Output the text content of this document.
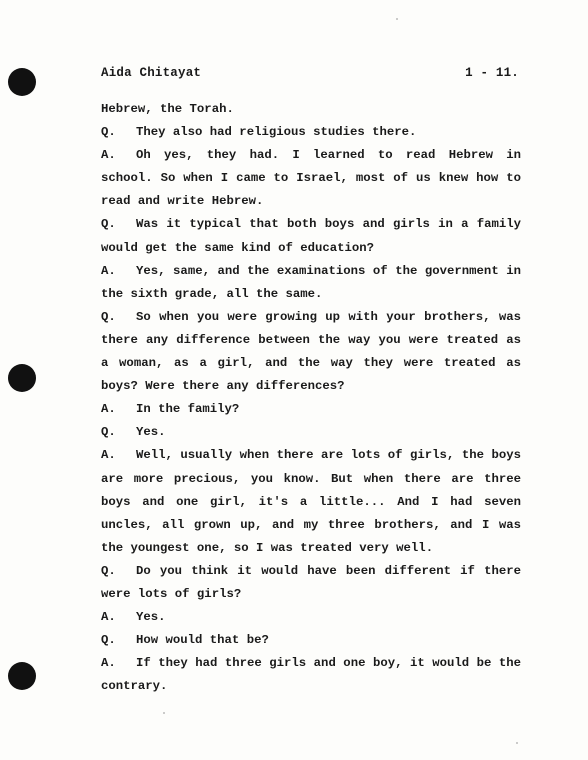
Aida Chitayat	1 - 11.

Hebrew, the Torah.

Q. They also had religious studies there.

A. Oh yes, they had. I learned to read Hebrew in school. So when I came to Israel, most of us knew how to read and write Hebrew.

Q. Was it typical that both boys and girls in a family would get the same kind of education?

A. Yes, same, and the examinations of the government in the sixth grade, all the same.

Q. So when you were growing up with your brothers, was there any difference between the way you were treated as a woman, as a girl, and the way they were treated as boys? Were there any differences?

A. In the family?

Q. Yes.

A. Well, usually when there are lots of girls, the boys are more precious, you know. But when there are three boys and one girl, it's a little... And I had seven uncles, all grown up, and my three brothers, and I was the youngest one, so I was treated very well.

Q. Do you think it would have been different if there were lots of girls?

A. Yes.

Q. How would that be?

A. If they had three girls and one boy, it would be the contrary.
